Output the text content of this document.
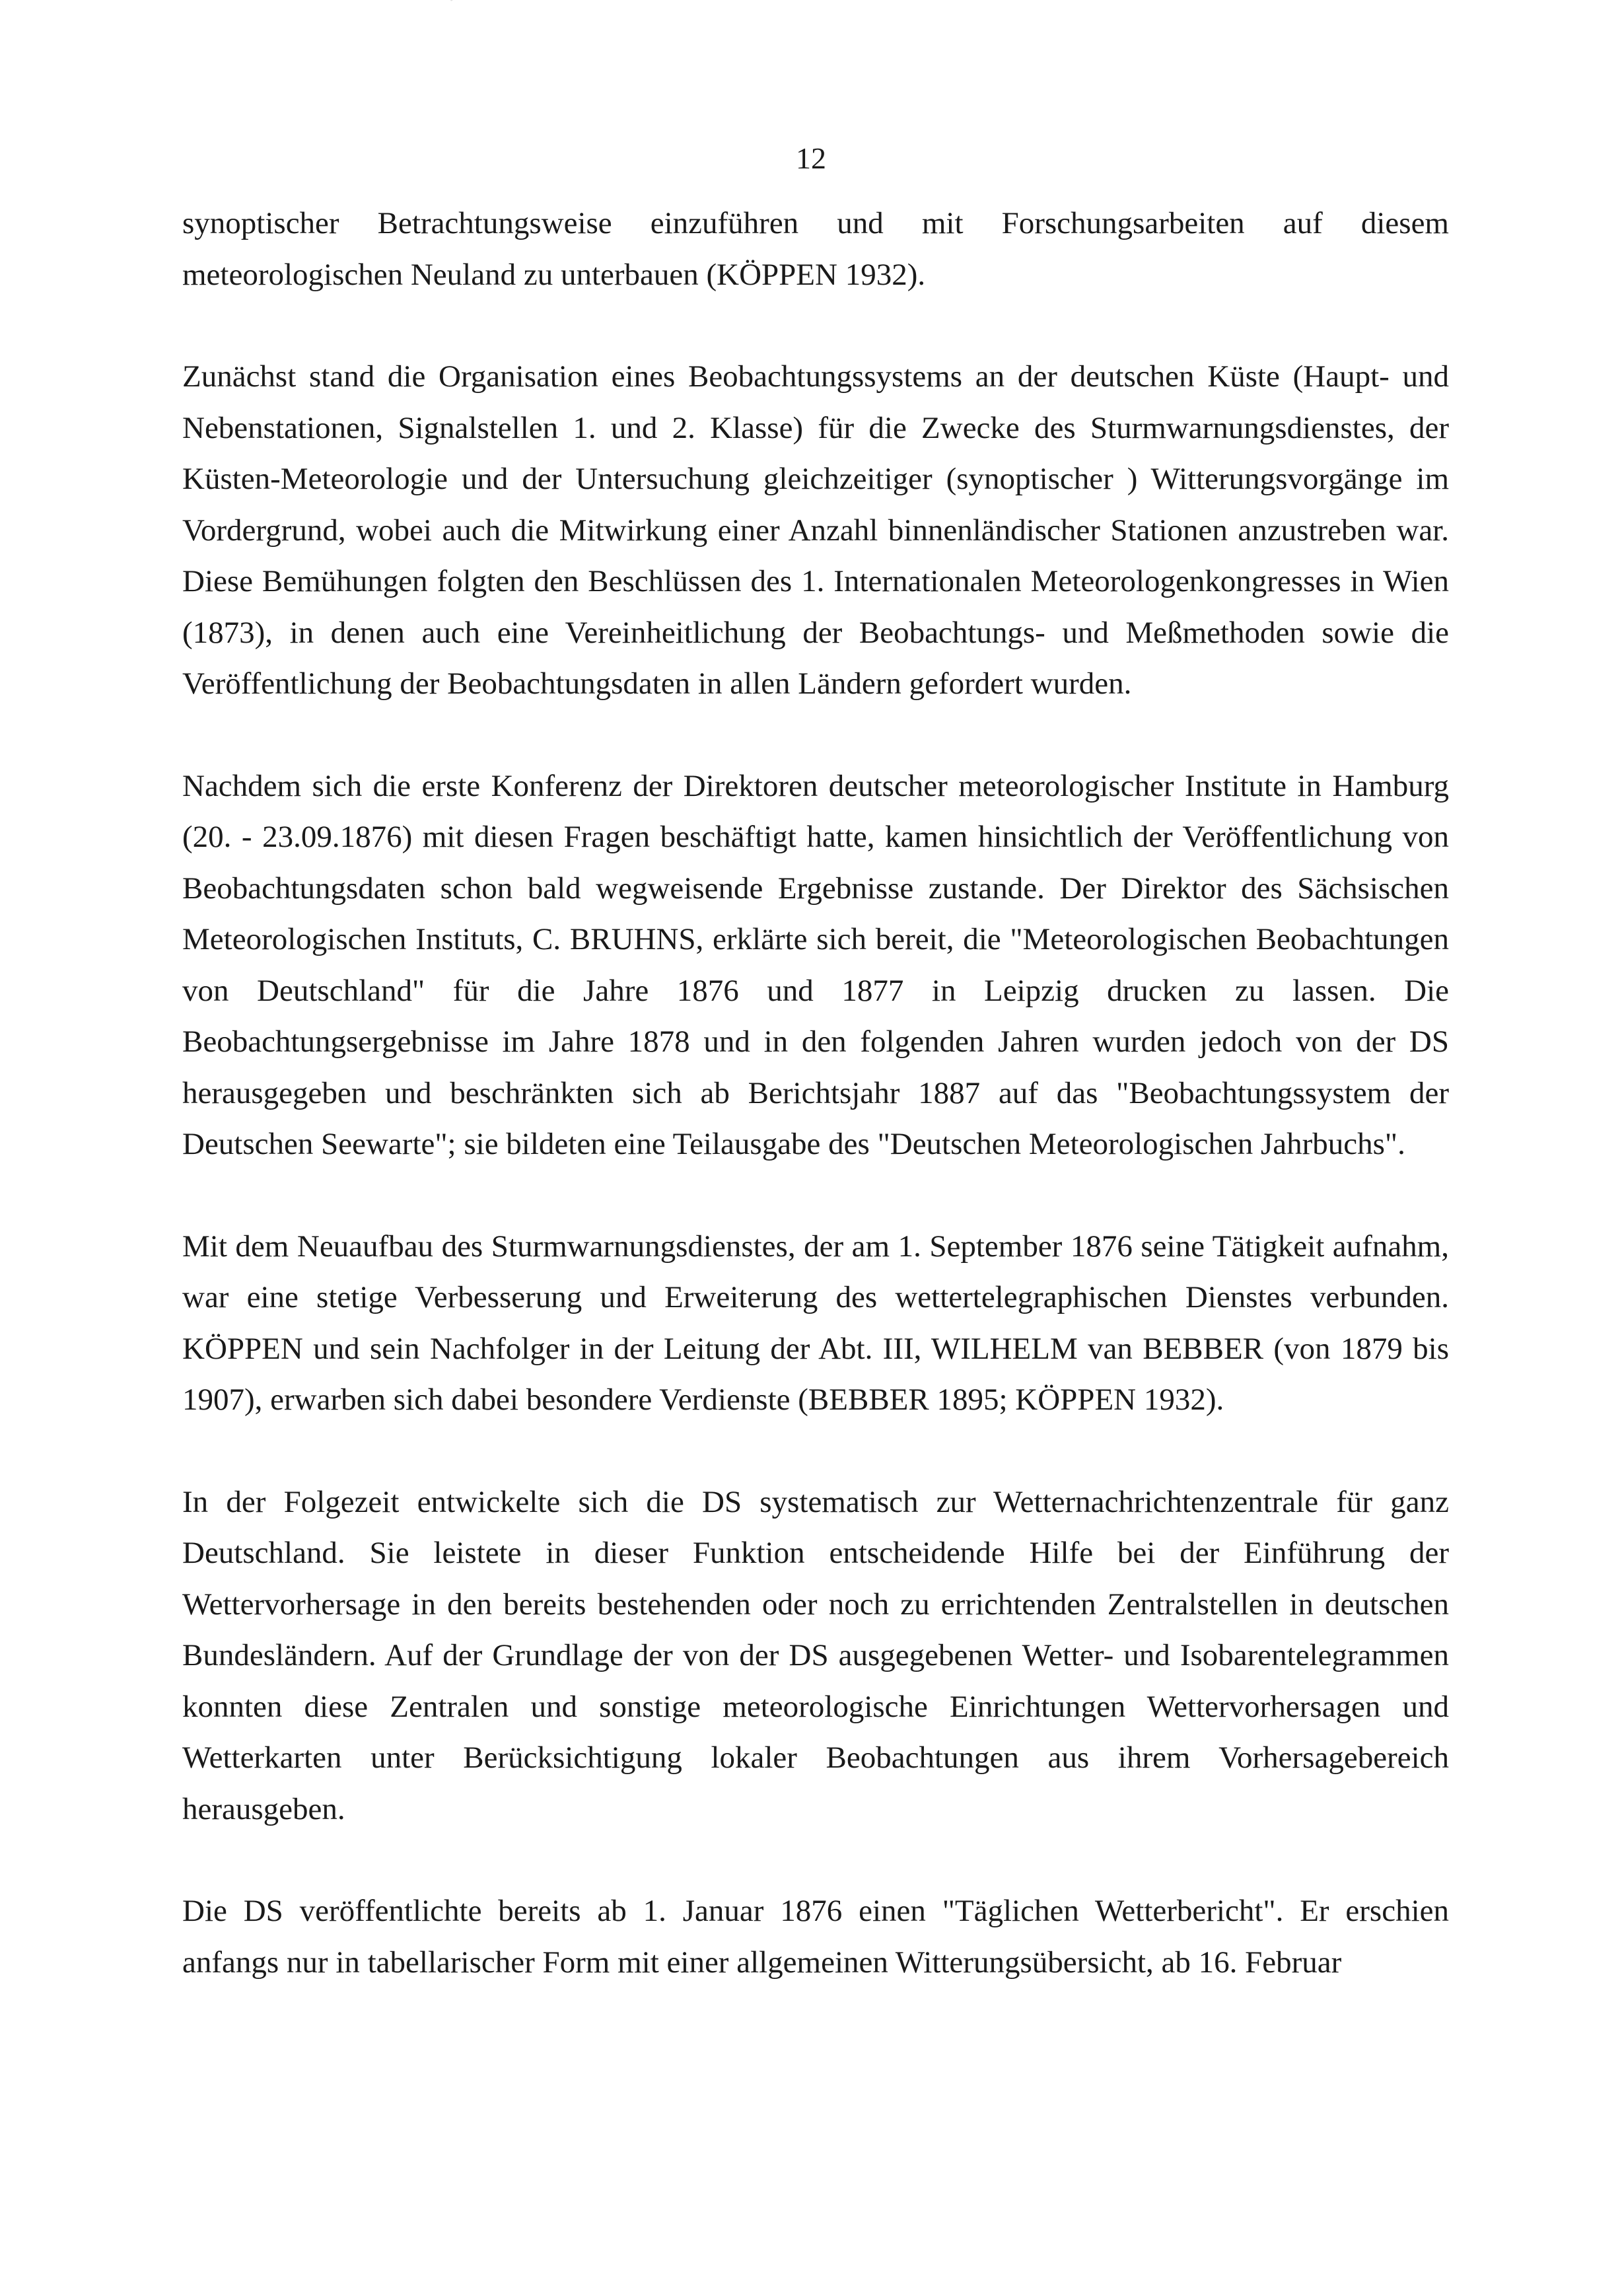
12

synoptischer Betrachtungsweise einzuführen und mit Forschungsarbeiten auf diesem meteorologischen Neuland zu unterbauen (KÖPPEN 1932).

Zunächst stand die Organisation eines Beobachtungssystems an der deutschen Küste (Haupt- und Nebenstationen, Signalstellen 1. und 2. Klasse) für die Zwecke des Sturmwarnungsdienstes, der Küsten-Meteorologie und der Untersuchung gleichzeitiger (synoptischer ) Witterungsvorgänge im Vordergrund, wobei auch die Mitwirkung einer Anzahl binnenländischer Stationen anzustreben war. Diese Bemühungen folgten den Beschlüssen des 1. Internationalen Meteorologenkongresses in Wien (1873), in denen auch eine Vereinheitlichung der Beobachtungs- und Meßmethoden sowie die Veröffentlichung der Beobachtungsdaten in allen Ländern gefordert wurden.

Nachdem sich die erste Konferenz der Direktoren deutscher meteorologischer Institute in Hamburg (20. - 23.09.1876) mit diesen Fragen beschäftigt hatte, kamen hinsichtlich der Veröffentlichung von Beobachtungsdaten schon bald wegweisende Ergebnisse zustande. Der Direktor des Sächsischen Meteorologischen Instituts, C. BRUHNS, erklärte sich bereit, die "Meteorologischen Beobachtungen von Deutschland" für die Jahre 1876 und 1877 in Leipzig drucken zu lassen. Die Beobachtungsergebnisse im Jahre 1878 und in den folgenden Jahren wurden jedoch von der DS herausgegeben und beschränkten sich ab Berichtsjahr 1887 auf das "Beobachtungssystem der Deutschen Seewarte"; sie bildeten eine Teilausgabe des "Deutschen Meteorologischen Jahrbuchs".

Mit dem Neuaufbau des Sturmwarnungsdienstes, der am 1. September 1876 seine Tätigkeit aufnahm, war eine stetige Verbesserung und Erweiterung des wettertelegraphischen Dienstes verbunden. KÖPPEN und sein Nachfolger in der Leitung der Abt. III, WILHELM van BEBBER (von 1879 bis 1907), erwarben sich dabei besondere Verdienste (BEBBER 1895; KÖPPEN 1932).

In der Folgezeit entwickelte sich die DS systematisch zur Wetternachrichtenzentrale für ganz Deutschland. Sie leistete in dieser Funktion entscheidende Hilfe bei der Einführung der Wettervorhersage in den bereits bestehenden oder noch zu errichtenden Zentralstellen in deutschen Bundesländern. Auf der Grundlage der von der DS ausgegebenen Wetter- und Isobarentelegrammen konnten diese Zentralen und sonstige meteorologische Einrichtungen Wettervorhersagen und Wetterkarten unter Berücksichtigung lokaler Beobachtungen aus ihrem Vorhersagebereich herausgeben.

Die DS veröffentlichte bereits ab 1. Januar 1876 einen "Täglichen Wetterbericht". Er erschien anfangs nur in tabellarischer Form mit einer allgemeinen Witterungsübersicht, ab 16. Februar
